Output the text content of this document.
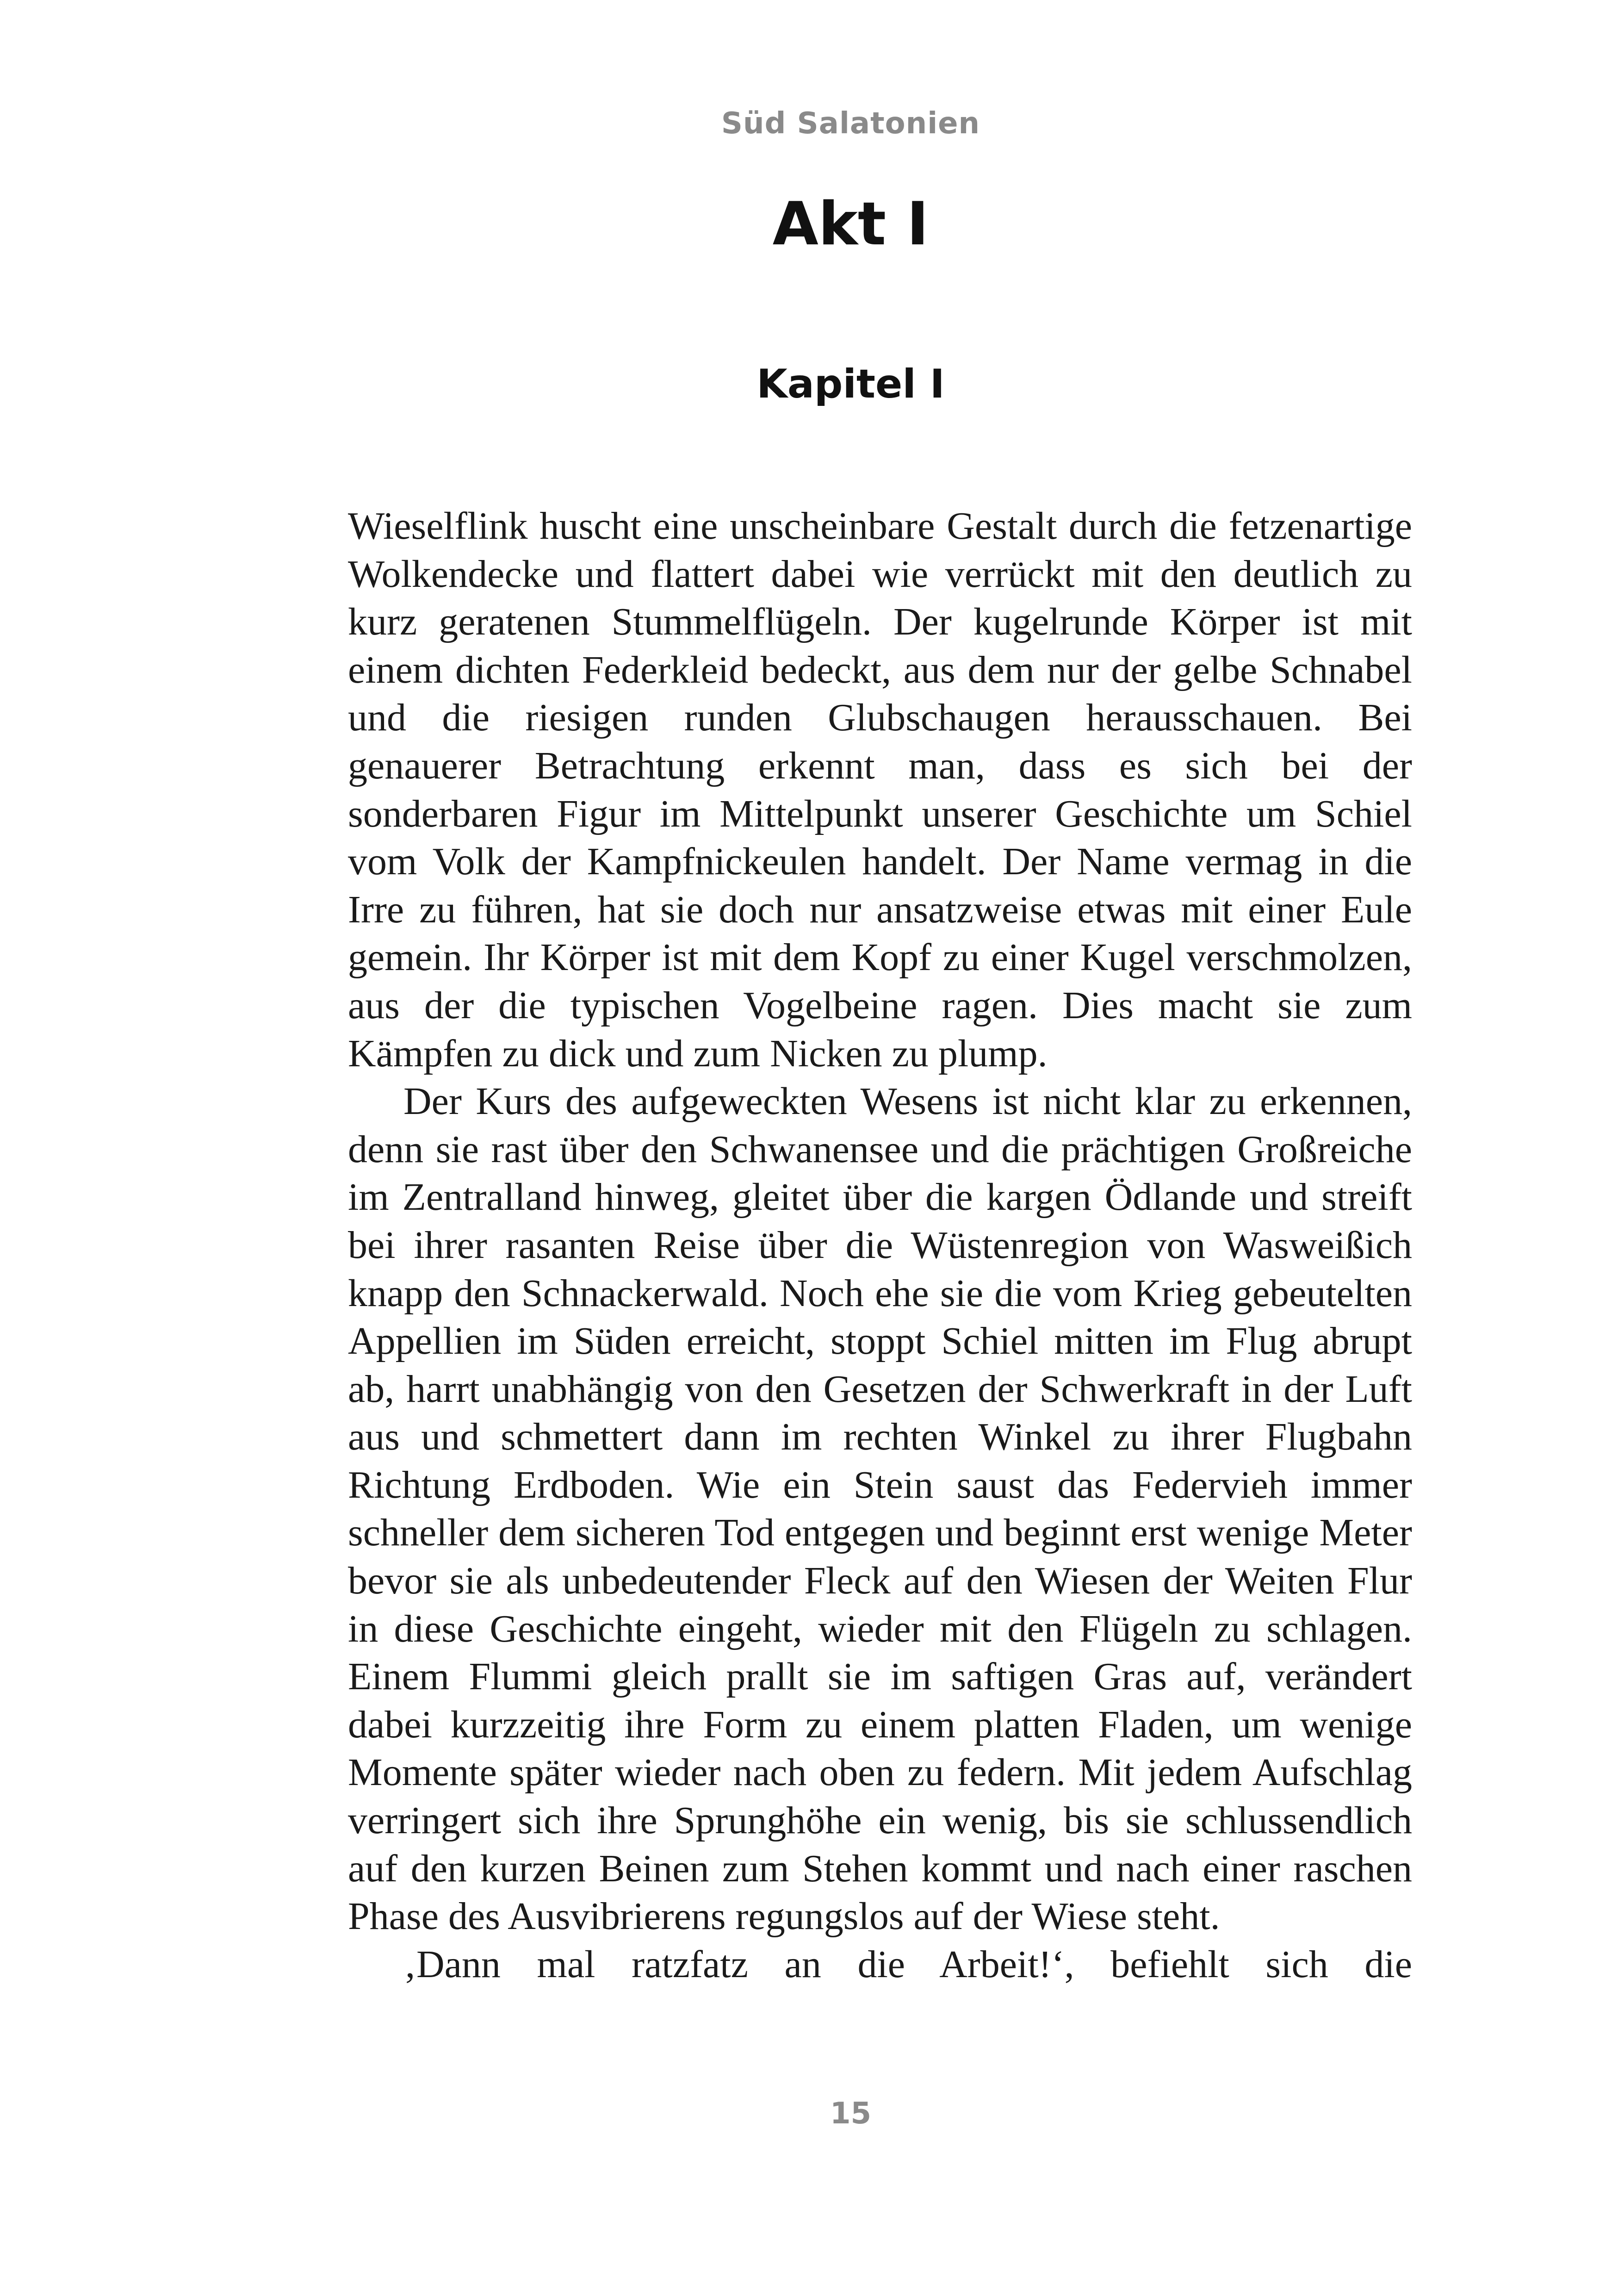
Süd Salatonien
Akt I
Kapitel I

Wieselflink huscht eine unscheinbare Gestalt durch die fetzenartige Wolkendecke und flattert dabei wie verrückt mit den deutlich zu kurz geratenen Stummelflügeln. Der kugelrunde Körper ist mit einem dichten Federkleid bedeckt, aus dem nur der gelbe Schnabel und die riesigen runden Glubschaugen herausschauen. Bei genauerer Betrachtung erkennt man, dass es sich bei der sonderbaren Figur im Mittelpunkt unserer Geschichte um Schiel vom Volk der Kampfnickeulen handelt. Der Name vermag in die Irre zu führen, hat sie doch nur ansatzweise etwas mit einer Eule gemein. Ihr Körper ist mit dem Kopf zu einer Kugel verschmolzen, aus der die typischen Vogelbeine ragen. Dies macht sie zum Kämpfen zu dick und zum Nicken zu plump.

Der Kurs des aufgeweckten Wesens ist nicht klar zu erkennen, denn sie rast über den Schwanensee und die prächtigen Großreiche im Zentralland hinweg, gleitet über die kargen Ödlande und streift bei ihrer rasanten Reise über die Wüstenregion von Wasweißich knapp den Schnackerwald. Noch ehe sie die vom Krieg gebeutelten Appellien im Süden erreicht, stoppt Schiel mitten im Flug abrupt ab, harrt unabhängig von den Gesetzen der Schwerkraft in der Luft aus und schmettert dann im rechten Winkel zu ihrer Flugbahn Richtung Erdboden. Wie ein Stein saust das Federvieh immer schneller dem sicheren Tod entgegen und beginnt erst wenige Meter bevor sie als unbedeutender Fleck auf den Wiesen der Weiten Flur in diese Geschichte eingeht, wieder mit den Flügeln zu schlagen. Einem Flummi gleich prallt sie im saftigen Gras auf, verändert dabei kurzzeitig ihre Form zu einem platten Fladen, um wenige Momente später wieder nach oben zu federn. Mit jedem Aufschlag verringert sich ihre Sprunghöhe ein wenig, bis sie schlussendlich auf den kurzen Beinen zum Stehen kommt und nach einer raschen Phase des Ausvibrierens regungslos auf der Wiese steht.

‚Dann mal ratzfatz an die Arbeit!‘, befiehlt sich die

15
